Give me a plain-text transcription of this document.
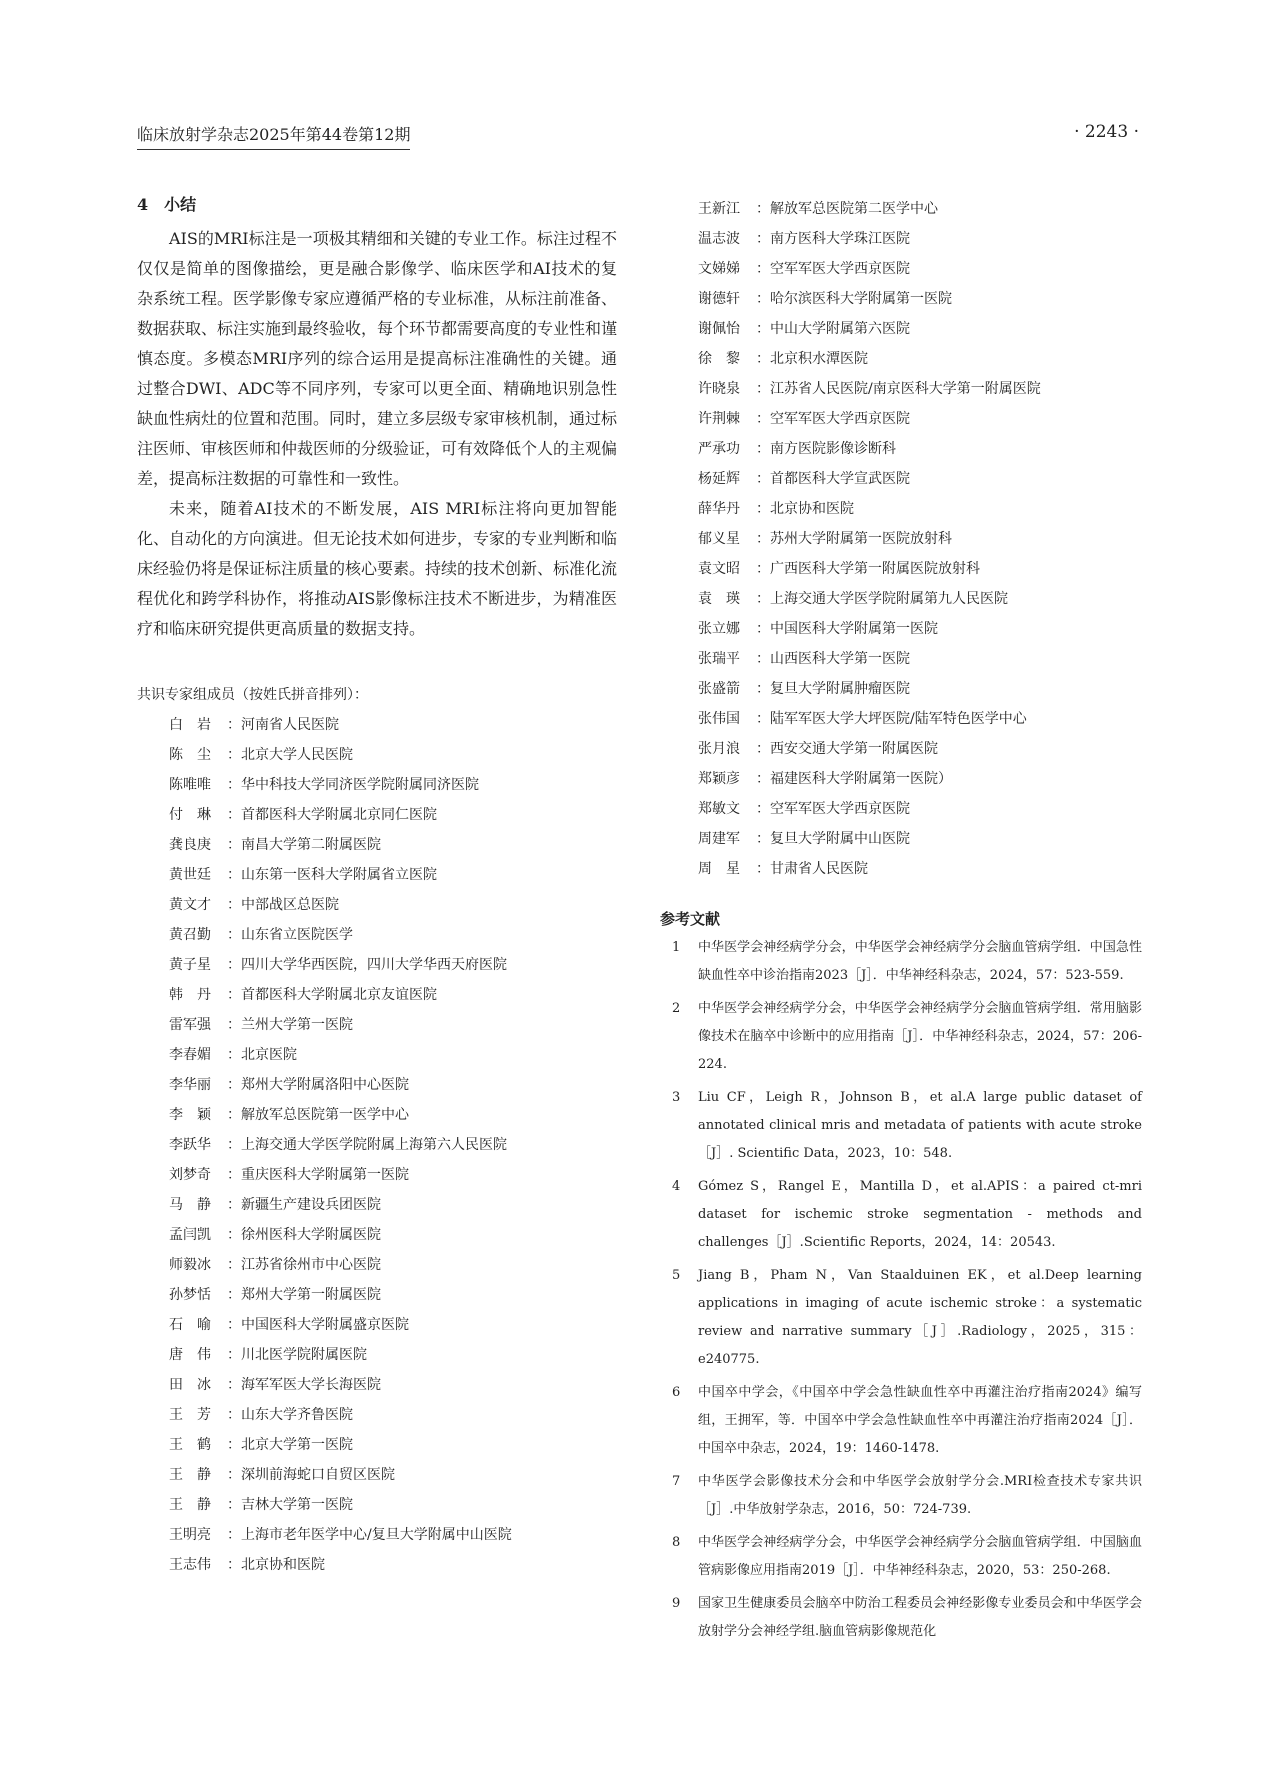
临床放射学杂志2025年第44卷第12期	· 2243 ·
4　小结

AIS的MRI标注是一项极其精细和关键的专业工作。标注过程不仅仅是简单的图像描绘，更是融合影像学、临床医学和AI技术的复杂系统工程。医学影像专家应遵循严格的专业标准，从标注前准备、数据获取、标注实施到最终验收，每个环节都需要高度的专业性和谨慎态度。多模态MRI序列的综合运用是提高标注准确性的关键。通过整合DWI、ADC等不同序列，专家可以更全面、精确地识别急性缺血性病灶的位置和范围。同时，建立多层级专家审核机制，通过标注医师、审核医师和仲裁医师的分级验证，可有效降低个人的主观偏差，提高标注数据的可靠性和一致性。

未来，随着AI技术的不断发展，AIS MRI标注将向更加智能化、自动化的方向演进。但无论技术如何进步，专家的专业判断和临床经验仍将是保证标注质量的核心要素。持续的技术创新、标准化流程优化和跨学科协作，将推动AIS影像标注技术不断进步，为精准医疗和临床研究提供更高质量的数据支持。

共识专家组成员（按姓氏拼音排列）：
白　岩 ：河南省人民医院
陈　尘 ：北京大学人民医院
陈唯唯 ：华中科技大学同济医学院附属同济医院
付　琳 ：首都医科大学附属北京同仁医院
龚良庚 ：南昌大学第二附属医院
黄世廷 ：山东第一医科大学附属省立医院
黄文才 ：中部战区总医院
黄召勤 ：山东省立医院医学
黄子星 ：四川大学华西医院，四川大学华西天府医院
韩　丹 ：首都医科大学附属北京友谊医院
雷军强 ：兰州大学第一医院
李春媚 ：北京医院
李华丽 ：郑州大学附属洛阳中心医院
李　颖 ：解放军总医院第一医学中心
李跃华 ：上海交通大学医学院附属上海第六人民医院
刘梦奇 ：重庆医科大学附属第一医院
马　静 ：新疆生产建设兵团医院
孟闫凯 ：徐州医科大学附属医院
师毅冰 ：江苏省徐州市中心医院
孙梦恬 ：郑州大学第一附属医院
石　喻 ：中国医科大学附属盛京医院
唐　伟 ：川北医学院附属医院
田　冰 ：海军军医大学长海医院
王　芳 ：山东大学齐鲁医院
王　鹤 ：北京大学第一医院
王　静 ：深圳前海蛇口自贸区医院
王　静 ：吉林大学第一医院
王明亮 ：上海市老年医学中心/复旦大学附属中山医院
王志伟 ：北京协和医院
王新江 ：解放军总医院第二医学中心
温志波 ：南方医科大学珠江医院
文娣娣 ：空军军医大学西京医院
谢德轩 ：哈尔滨医科大学附属第一医院
谢佩怡 ：中山大学附属第六医院
徐　黎 ：北京积水潭医院
许晓泉 ：江苏省人民医院/南京医科大学第一附属医院
许荆棘 ：空军军医大学西京医院
严承功 ：南方医院影像诊断科
杨延辉 ：首都医科大学宣武医院
薛华丹 ：北京协和医院
郁义星 ：苏州大学附属第一医院放射科
袁文昭 ：广西医科大学第一附属医院放射科
袁　瑛 ：上海交通大学医学院附属第九人民医院
张立娜 ：中国医科大学附属第一医院
张瑞平 ：山西医科大学第一医院
张盛箭 ：复旦大学附属肿瘤医院
张伟国 ：陆军军医大学大坪医院/陆军特色医学中心
张月浪 ：西安交通大学第一附属医院
郑颖彦 ：福建医科大学附属第一医院）
郑敏文 ：空军军医大学西京医院
周建军 ：复旦大学附属中山医院
周　星 ：甘肃省人民医院
参考文献
1 中华医学会神经病学分会，中华医学会神经病学分会脑血管病学组．中国急性缺血性卒中诊治指南2023［J］．中华神经科杂志，2024，57：523-559.
2 中华医学会神经病学分会，中华医学会神经病学分会脑血管病学组．常用脑影像技术在脑卒中诊断中的应用指南［J］．中华神经科杂志，2024，57：206-224.
3 Liu CF，Leigh R，Johnson B，et al.A large public dataset of annotated clinical mris and metadata of patients with acute stroke［J］. Scientific Data，2023，10：548.
4 Gómez S，Rangel E，Mantilla D，et al.APIS：a paired ct-mri dataset for ischemic stroke segmentation - methods and challenges［J］.Scientific Reports，2024，14：20543.
5 Jiang B，Pham N，Van Staalduinen EK，et al.Deep learning applications in imaging of acute ischemic stroke：a systematic review and narrative summary［J］.Radiology，2025，315：e240775.
6 中国卒中学会，《中国卒中学会急性缺血性卒中再灌注治疗指南2024》编写组，王拥军，等．中国卒中学会急性缺血性卒中再灌注治疗指南2024［J］．中国卒中杂志，2024，19：1460-1478.
7 中华医学会影像技术分会和中华医学会放射学分会.MRI检查技术专家共识［J］.中华放射学杂志，2016，50：724-739.
8 中华医学会神经病学分会，中华医学会神经病学分会脑血管病学组．中国脑血管病影像应用指南2019［J］．中华神经科杂志，2020，53：250-268.
9 国家卫生健康委员会脑卒中防治工程委员会神经影像专业委员会和中华医学会放射学分会神经学组.脑血管病影像规范化
